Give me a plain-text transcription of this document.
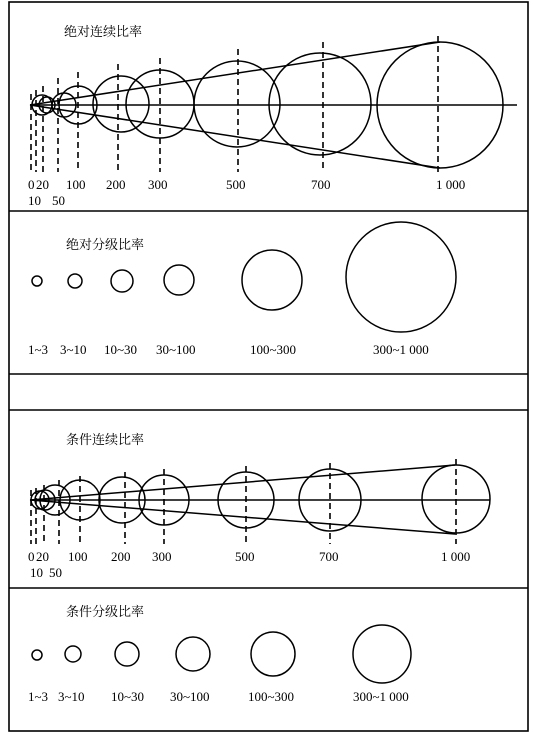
绝对连续比率
0 20 100 200 300	500	700	1 000
10 50
绝对分级比率
1~3 3~10 10~30 30~100	100~300	300~1 000
条件连续比率
0 20 100 200 300	500	700	1 000
10 50
条件分级比率
1~3 3~10 10~30 30~100	100~300	300~1 000
